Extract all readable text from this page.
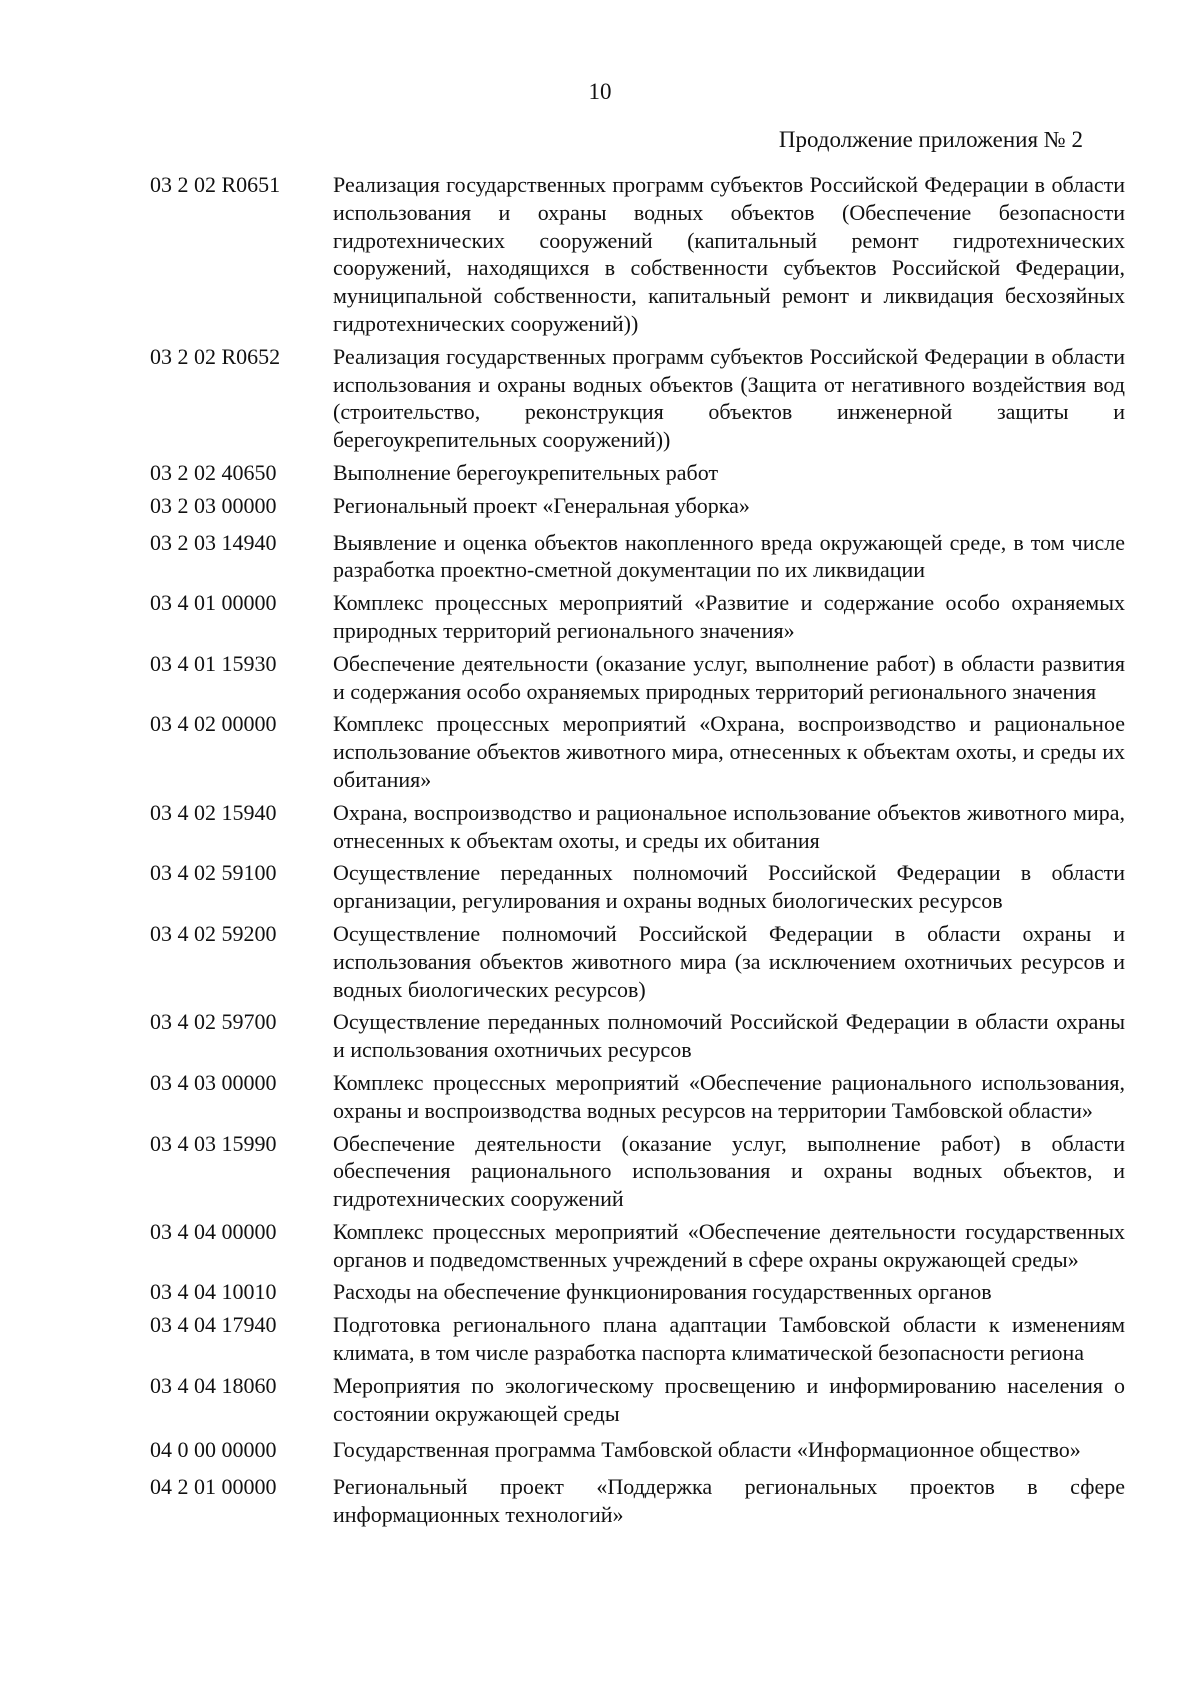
10
Продолжение приложения № 2
03 2 02 R0651	Реализация государственных программ субъектов Российской Федерации в области использования и охраны водных объектов (Обеспечение безопасности гидротехнических сооружений (капитальный ремонт гидротехнических сооружений, находящихся в собственности субъектов Российской Федерации, муниципальной собственности, капитальный ремонт и ликвидация бесхозяйных гидротехнических сооружений))
03 2 02 R0652	Реализация государственных программ субъектов Российской Федерации в области использования и охраны водных объектов (Защита от негативного воздействия вод (строительство, реконструкция объектов инженерной защиты и берегоукрепительных сооружений))
03 2 02 40650	Выполнение берегоукрепительных работ
03 2 03 00000	Региональный проект «Генеральная уборка»
03 2 03 14940	Выявление и оценка объектов накопленного вреда окружающей среде, в том числе разработка проектно-сметной документации по их ликвидации
03 4 01 00000	Комплекс процессных мероприятий «Развитие и содержание особо охраняемых природных территорий регионального значения»
03 4 01 15930	Обеспечение деятельности (оказание услуг, выполнение работ) в области развития и содержания особо охраняемых природных территорий регионального значения
03 4 02 00000	Комплекс процессных мероприятий «Охрана, воспроизводство и рациональное использование объектов животного мира, отнесенных к объектам охоты, и среды их обитания»
03 4 02 15940	Охрана, воспроизводство и рациональное использование объектов животного мира, отнесенных к объектам охоты, и среды их обитания
03 4 02 59100	Осуществление переданных полномочий Российской Федерации в области организации, регулирования и охраны водных биологических ресурсов
03 4 02 59200	Осуществление полномочий Российской Федерации в области охраны и использования объектов животного мира (за исключением охотничьих ресурсов и водных биологических ресурсов)
03 4 02 59700	Осуществление переданных полномочий Российской Федерации в области охраны и использования охотничьих ресурсов
03 4 03 00000	Комплекс процессных мероприятий «Обеспечение рационального использования, охраны и воспроизводства водных ресурсов на территории Тамбовской области»
03 4 03 15990	Обеспечение деятельности (оказание услуг, выполнение работ) в области обеспечения рационального использования и охраны водных объектов, и гидротехнических сооружений
03 4 04 00000	Комплекс процессных мероприятий «Обеспечение деятельности государственных органов и подведомственных учреждений в сфере охраны окружающей среды»
03 4 04 10010	Расходы на обеспечение функционирования государственных органов
03 4 04 17940	Подготовка регионального плана адаптации Тамбовской области к изменениям климата, в том числе разработка паспорта климатической безопасности региона
03 4 04 18060	Мероприятия по экологическому просвещению и информированию населения о состоянии окружающей среды
04 0 00 00000	Государственная программа Тамбовской области «Информационное общество»
04 2 01 00000	Региональный проект «Поддержка региональных проектов в сфере информационных технологий»
